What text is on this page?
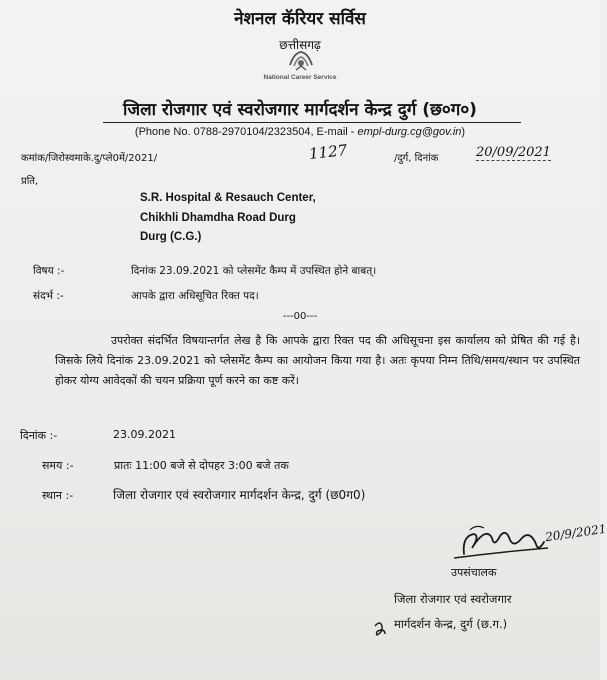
नेशनल कॅरियर सर्विस
छत्तीसगढ़
National Career Service
जिला रोजगार एवं स्वरोजगार मार्गदर्शन केन्द्र दुर्ग (छ०ग०)
(Phone No. 0788-2970104/2323504, E-mail - empl-durg.cg@gov.in)
कमांक/जिरोस्वमाके.दु/प्ले0में/2021/	1127	/दुर्ग, दिनांक	20/09/2021
प्रति,
S.R. Hospital & Resauch Center,
Chikhli Dhamdha Road Durg
Durg (C.G.)
विषय :-	दिनांक 23.09.2021 को प्लेसमेंट कैम्प में उपस्थित होने बाबत्।
संदर्भ :-	आपके द्वारा अधिसूचित रिक्त पद।
---00---
उपरोक्त संदर्भित विषयान्तर्गत लेख है कि आपके द्वारा रिक्त पद की अधिसूचना इस कार्यालय को प्रेषित की गई है। जिसके लिये दिनांक 23.09.2021 को प्लेसमेंट कैम्प का आयोजन किया गया है। अतः कृपया निम्न तिथि/समय/स्थान पर उपस्थित होकर योग्य आवेदकों की चयन प्रक्रिया पूर्ण करने का कष्ट करें।
दिनांक :-	23.09.2021
समय :-	प्रातः 11:00 बजे से दोपहर 3:00 बजे तक
स्थान :-	जिला रोजगार एवं स्वरोजगार मार्गदर्शन केन्द्र, दुर्ग (छ0ग0)
20/9/2021
उपसंचालक
जिला रोजगार एवं स्वरोजगार
मार्गदर्शन केन्द्र, दुर्ग (छ.ग.)
